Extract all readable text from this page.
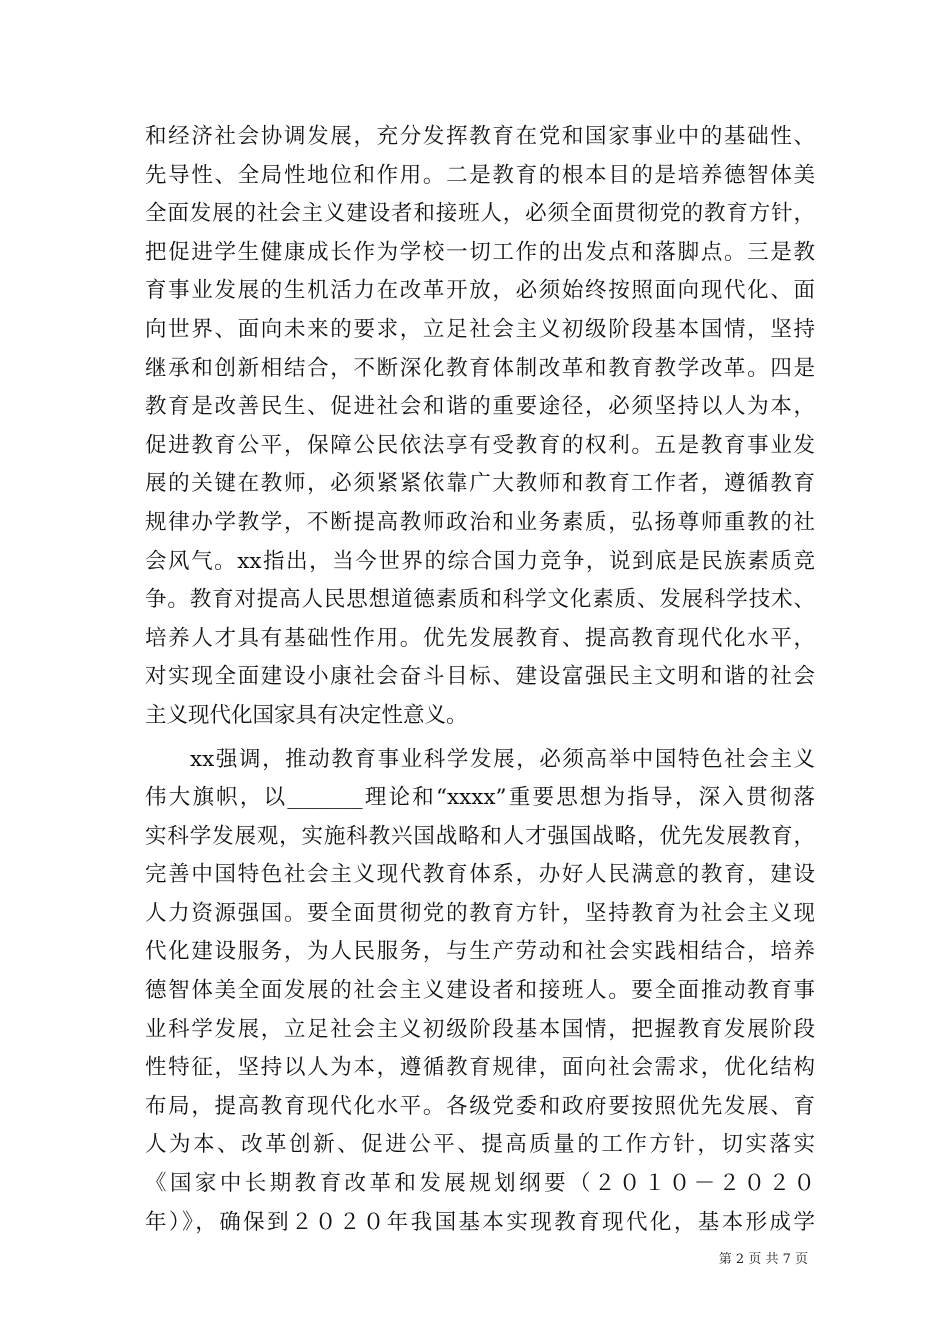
和经济社会协调发展，充分发挥教育在党和国家事业中的基础性、
先导性、全局性地位和作用。二是教育的根本目的是培养德智体美
全面发展的社会主义建设者和接班人，必须全面贯彻党的教育方针，
把促进学生健康成长作为学校一切工作的出发点和落脚点。三是教
育事业发展的生机活力在改革开放，必须始终按照面向现代化、面
向世界、面向未来的要求，立足社会主义初级阶段基本国情，坚持
继承和创新相结合，不断深化教育体制改革和教育教学改革。四是
教育是改善民生、促进社会和谐的重要途径，必须坚持以人为本，
促进教育公平，保障公民依法享有受教育的权利。五是教育事业发
展的关键在教师，必须紧紧依靠广大教师和教育工作者，遵循教育
规律办学教学，不断提高教师政治和业务素质，弘扬尊师重教的社
会风气。xx指出，当今世界的综合国力竞争，说到底是民族素质竞
争。教育对提高人民思想道德素质和科学文化素质、发展科学技术、
培养人才具有基础性作用。优先发展教育、提高教育现代化水平，
对实现全面建设小康社会奋斗目标、建设富强民主文明和谐的社会
主义现代化国家具有决定性意义。
xx强调，推动教育事业科学发展，必须高举中国特色社会主义
伟大旗帜，以_______理论和“xxxx”重要思想为指导，深入贯彻落
实科学发展观，实施科教兴国战略和人才强国战略，优先发展教育，
完善中国特色社会主义现代教育体系，办好人民满意的教育，建设
人力资源强国。要全面贯彻党的教育方针，坚持教育为社会主义现
代化建设服务，为人民服务，与生产劳动和社会实践相结合，培养
德智体美全面发展的社会主义建设者和接班人。要全面推动教育事
业科学发展，立足社会主义初级阶段基本国情，把握教育发展阶段
性特征，坚持以人为本，遵循教育规律，面向社会需求，优化结构
布局，提高教育现代化水平。各级党委和政府要按照优先发展、育
人为本、改革创新、促进公平、提高质量的工作方针，切实落实
《国家中长期教育改革和发展规划纲要（２０１０－２０２０
年）》，确保到２０２０年我国基本实现教育现代化，基本形成学
第 2 页 共 7 页
